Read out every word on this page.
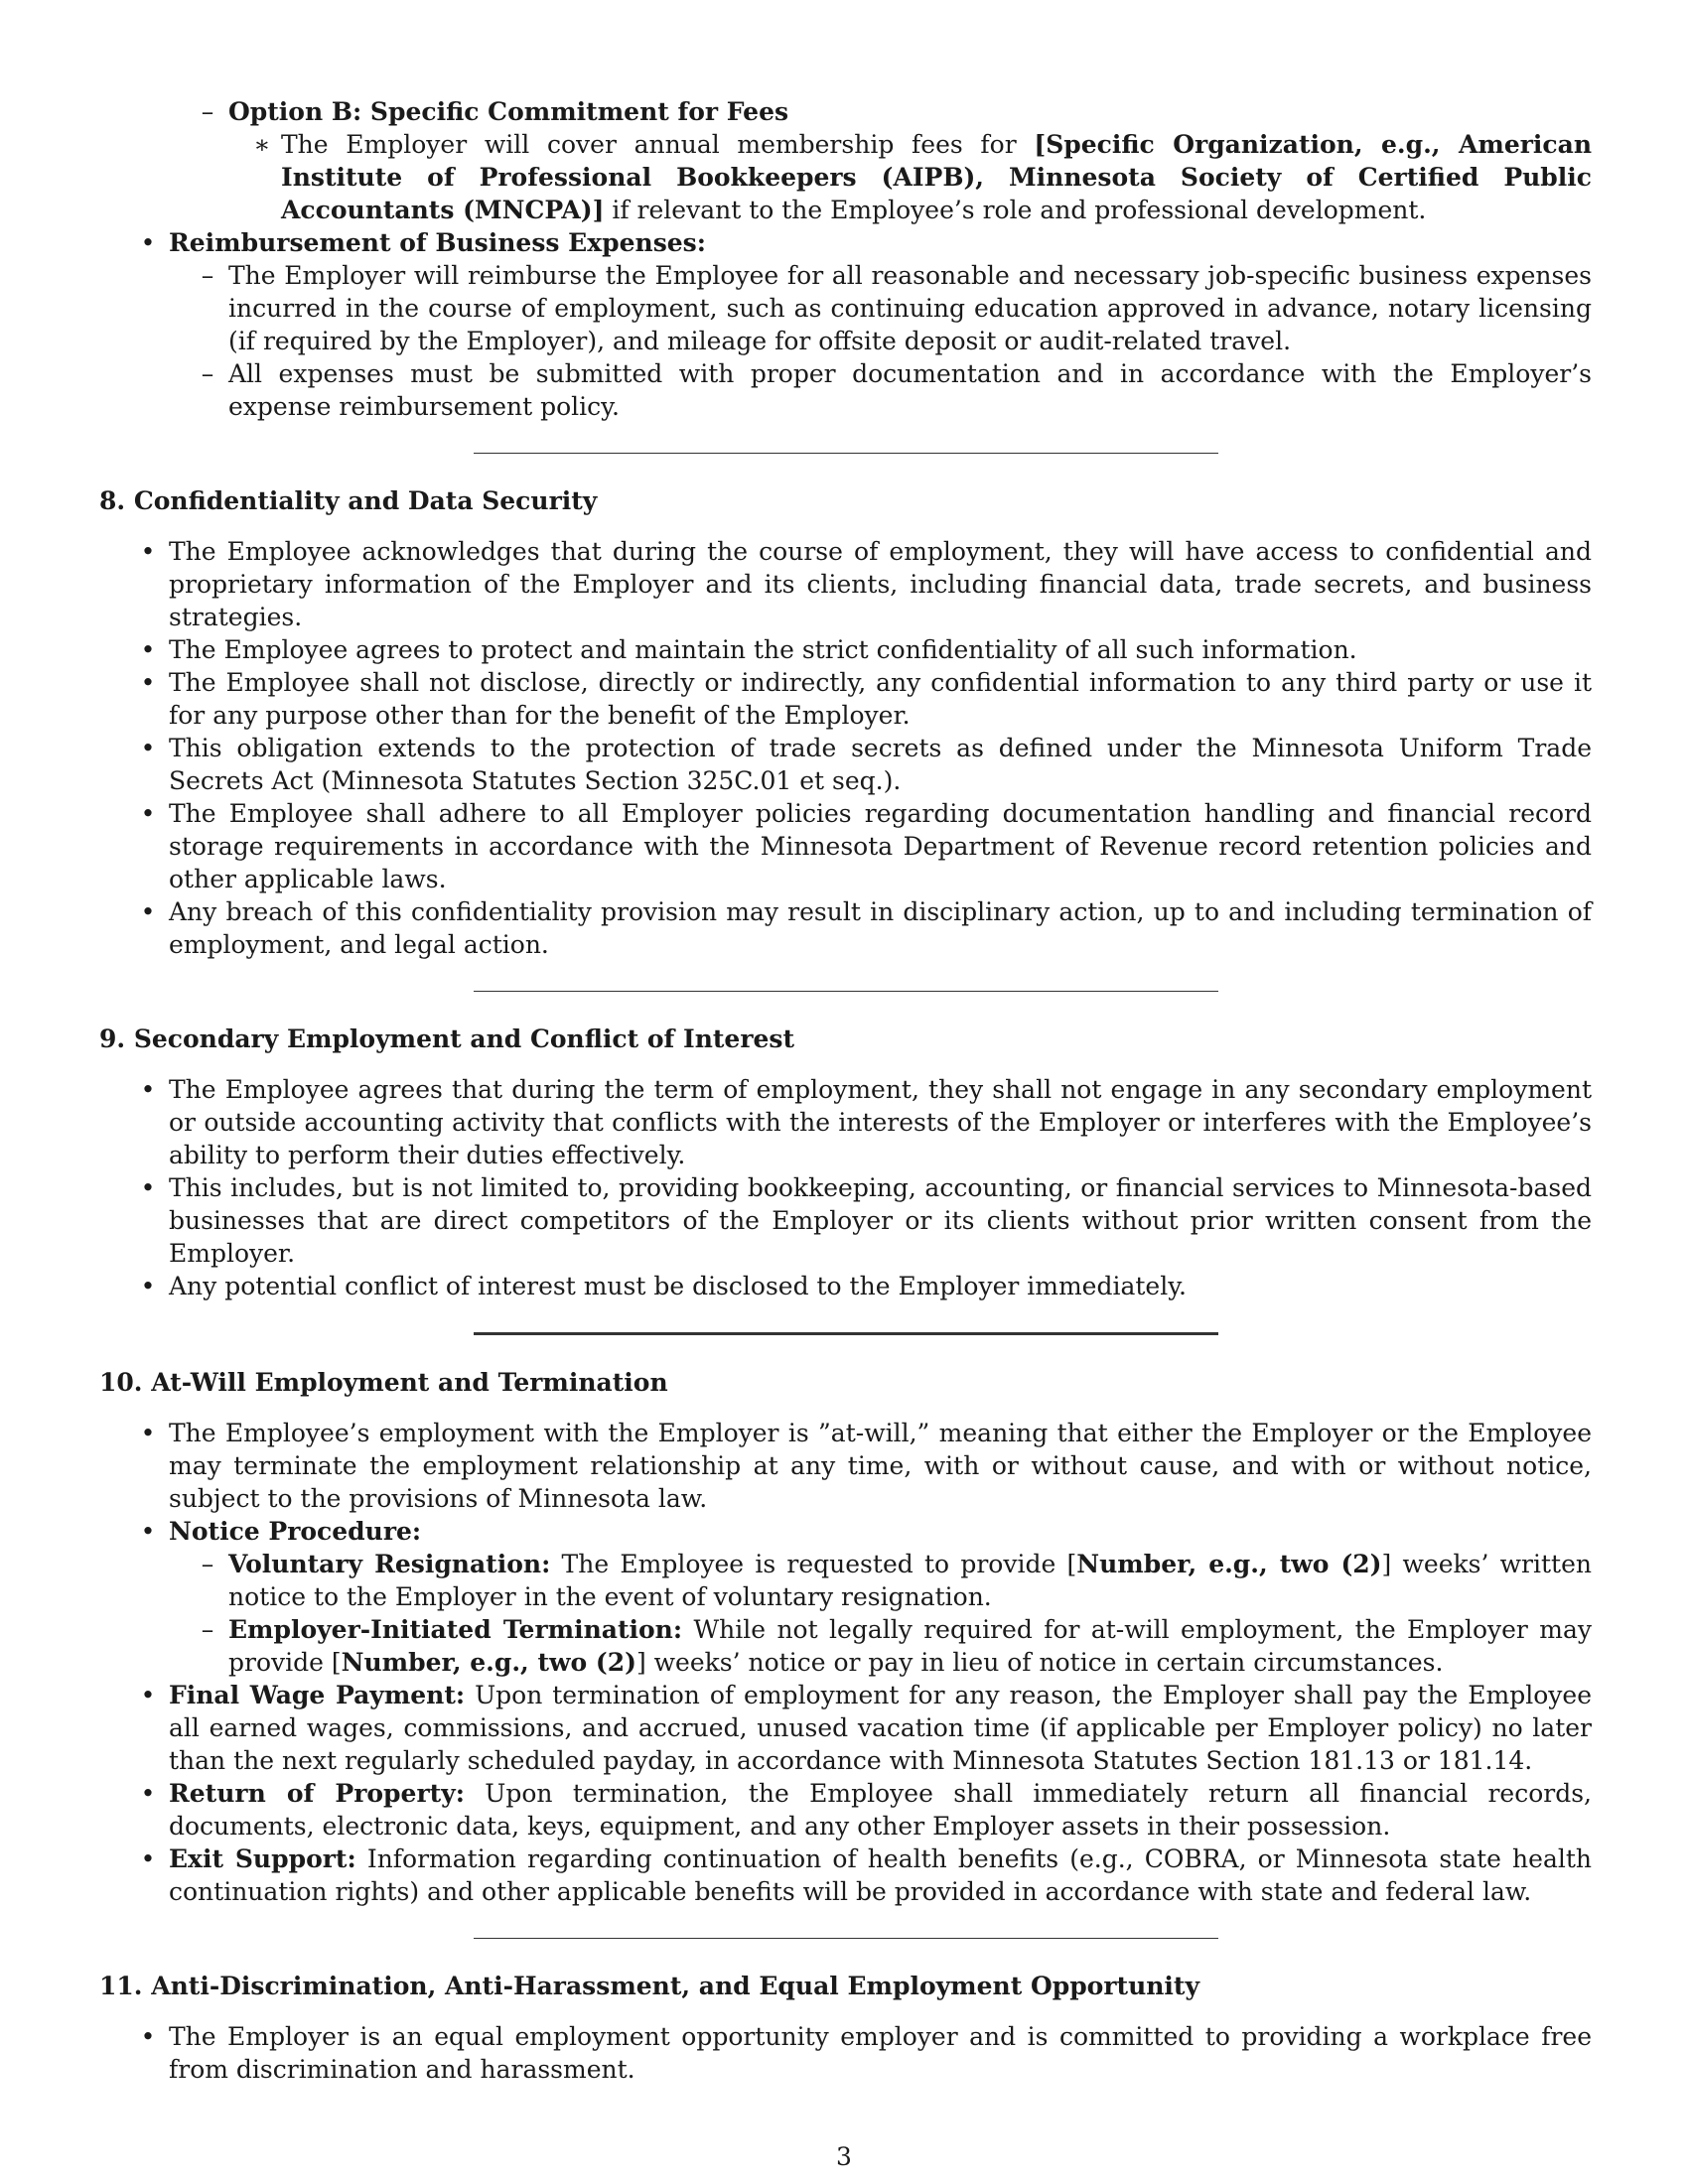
– Option B: Specific Commitment for Fees
∗ The Employer will cover annual membership fees for [Specific Organization, e.g., American Institute of Professional Bookkeepers (AIPB), Minnesota Society of Certified Public Accountants (MNCPA)] if relevant to the Employee’s role and professional development.
• Reimbursement of Business Expenses:
– The Employer will reimburse the Employee for all reasonable and necessary job-specific business expenses incurred in the course of employment, such as continuing education approved in advance, notary licensing (if required by the Employer), and mileage for offsite deposit or audit-related travel.
– All expenses must be submitted with proper documentation and in accordance with the Employer’s expense reimbursement policy.
8. Confidentiality and Data Security
• The Employee acknowledges that during the course of employment, they will have access to confidential and proprietary information of the Employer and its clients, including financial data, trade secrets, and business strategies.
• The Employee agrees to protect and maintain the strict confidentiality of all such information.
• The Employee shall not disclose, directly or indirectly, any confidential information to any third party or use it for any purpose other than for the benefit of the Employer.
• This obligation extends to the protection of trade secrets as defined under the Minnesota Uniform Trade Secrets Act (Minnesota Statutes Section 325C.01 et seq.).
• The Employee shall adhere to all Employer policies regarding documentation handling and financial record storage requirements in accordance with the Minnesota Department of Revenue record retention policies and other applicable laws.
• Any breach of this confidentiality provision may result in disciplinary action, up to and including termination of employment, and legal action.
9. Secondary Employment and Conflict of Interest
• The Employee agrees that during the term of employment, they shall not engage in any secondary employment or outside accounting activity that conflicts with the interests of the Employer or interferes with the Employee’s ability to perform their duties effectively.
• This includes, but is not limited to, providing bookkeeping, accounting, or financial services to Minnesota-based businesses that are direct competitors of the Employer or its clients without prior written consent from the Employer.
• Any potential conflict of interest must be disclosed to the Employer immediately.
10. At-Will Employment and Termination
• The Employee’s employment with the Employer is ”at-will,” meaning that either the Employer or the Employee may terminate the employment relationship at any time, with or without cause, and with or without notice, subject to the provisions of Minnesota law.
• Notice Procedure:
– Voluntary Resignation: The Employee is requested to provide [Number, e.g., two (2)] weeks’ written notice to the Employer in the event of voluntary resignation.
– Employer-Initiated Termination: While not legally required for at-will employment, the Employer may provide [Number, e.g., two (2)] weeks’ notice or pay in lieu of notice in certain circumstances.
• Final Wage Payment: Upon termination of employment for any reason, the Employer shall pay the Employee all earned wages, commissions, and accrued, unused vacation time (if applicable per Employer policy) no later than the next regularly scheduled payday, in accordance with Minnesota Statutes Section 181.13 or 181.14.
• Return of Property: Upon termination, the Employee shall immediately return all financial records, documents, electronic data, keys, equipment, and any other Employer assets in their possession.
• Exit Support: Information regarding continuation of health benefits (e.g., COBRA, or Minnesota state health continuation rights) and other applicable benefits will be provided in accordance with state and federal law.
11. Anti-Discrimination, Anti-Harassment, and Equal Employment Opportunity
• The Employer is an equal employment opportunity employer and is committed to providing a workplace free from discrimination and harassment.
3
